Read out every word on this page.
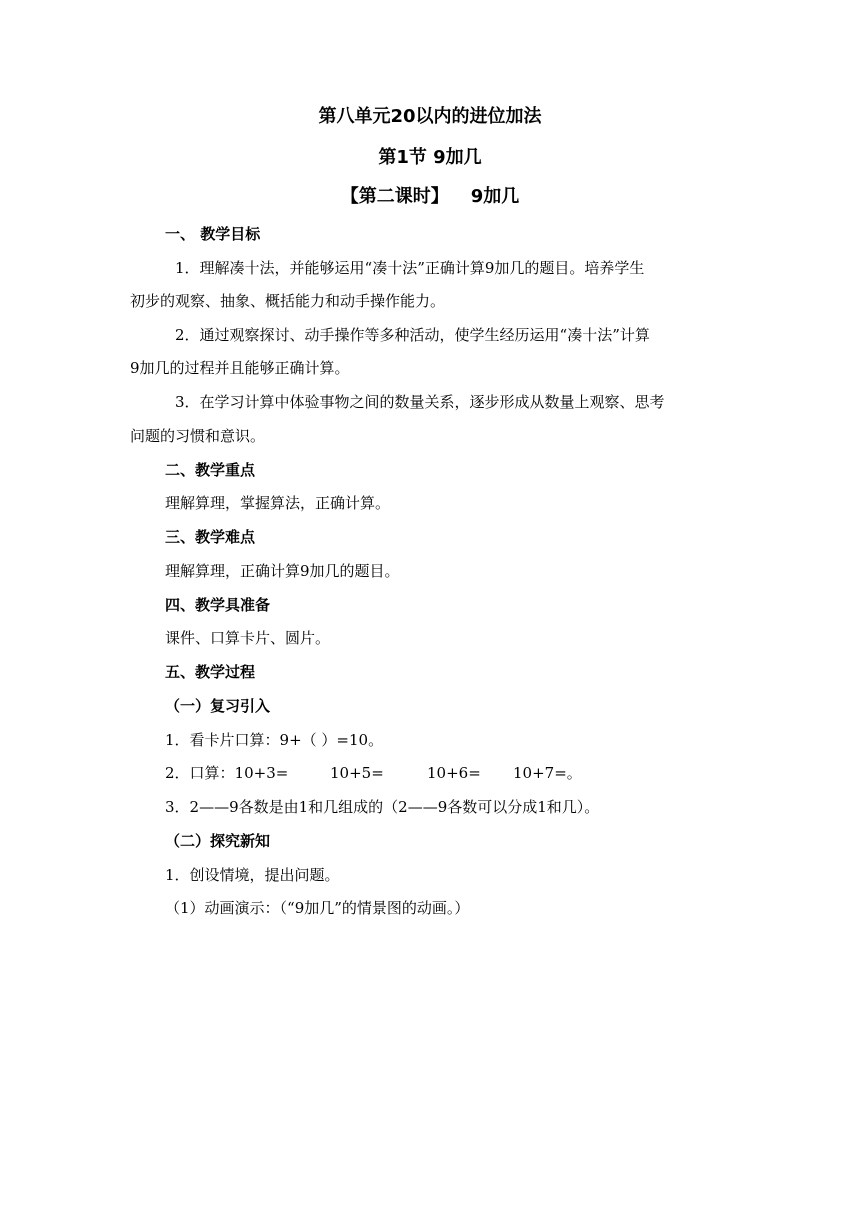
第八单元20以内的进位加法
第1节 9加几
【第二课时】 9加几
一、 教学目标
1．理解凑十法，并能够运用“凑十法”正确计算9加几的题目。培养学生
初步的观察、抽象、概括能力和动手操作能力。
2．通过观察探讨、动手操作等多种活动，使学生经历运用“凑十法”计算
9加几的过程并且能够正确计算。
3．在学习计算中体验事物之间的数量关系，逐步形成从数量上观察、思考
问题的习惯和意识。
二、教学重点
理解算理，掌握算法，正确计算。
三、教学难点
理解算理，正确计算9加几的题目。
四、教学具准备
课件、口算卡片、圆片。
五、教学过程
（一）复习引入
1．看卡片口算：9+（ ）=10。
2．口算：10+3=	10+5=	10+6= 10+7=。
3．2——9各数是由1和几组成的（2——9各数可以分成1和几）。
（二）探究新知
1．创设情境，提出问题。
（1）动画演示：（“9加几”的情景图的动画。）
